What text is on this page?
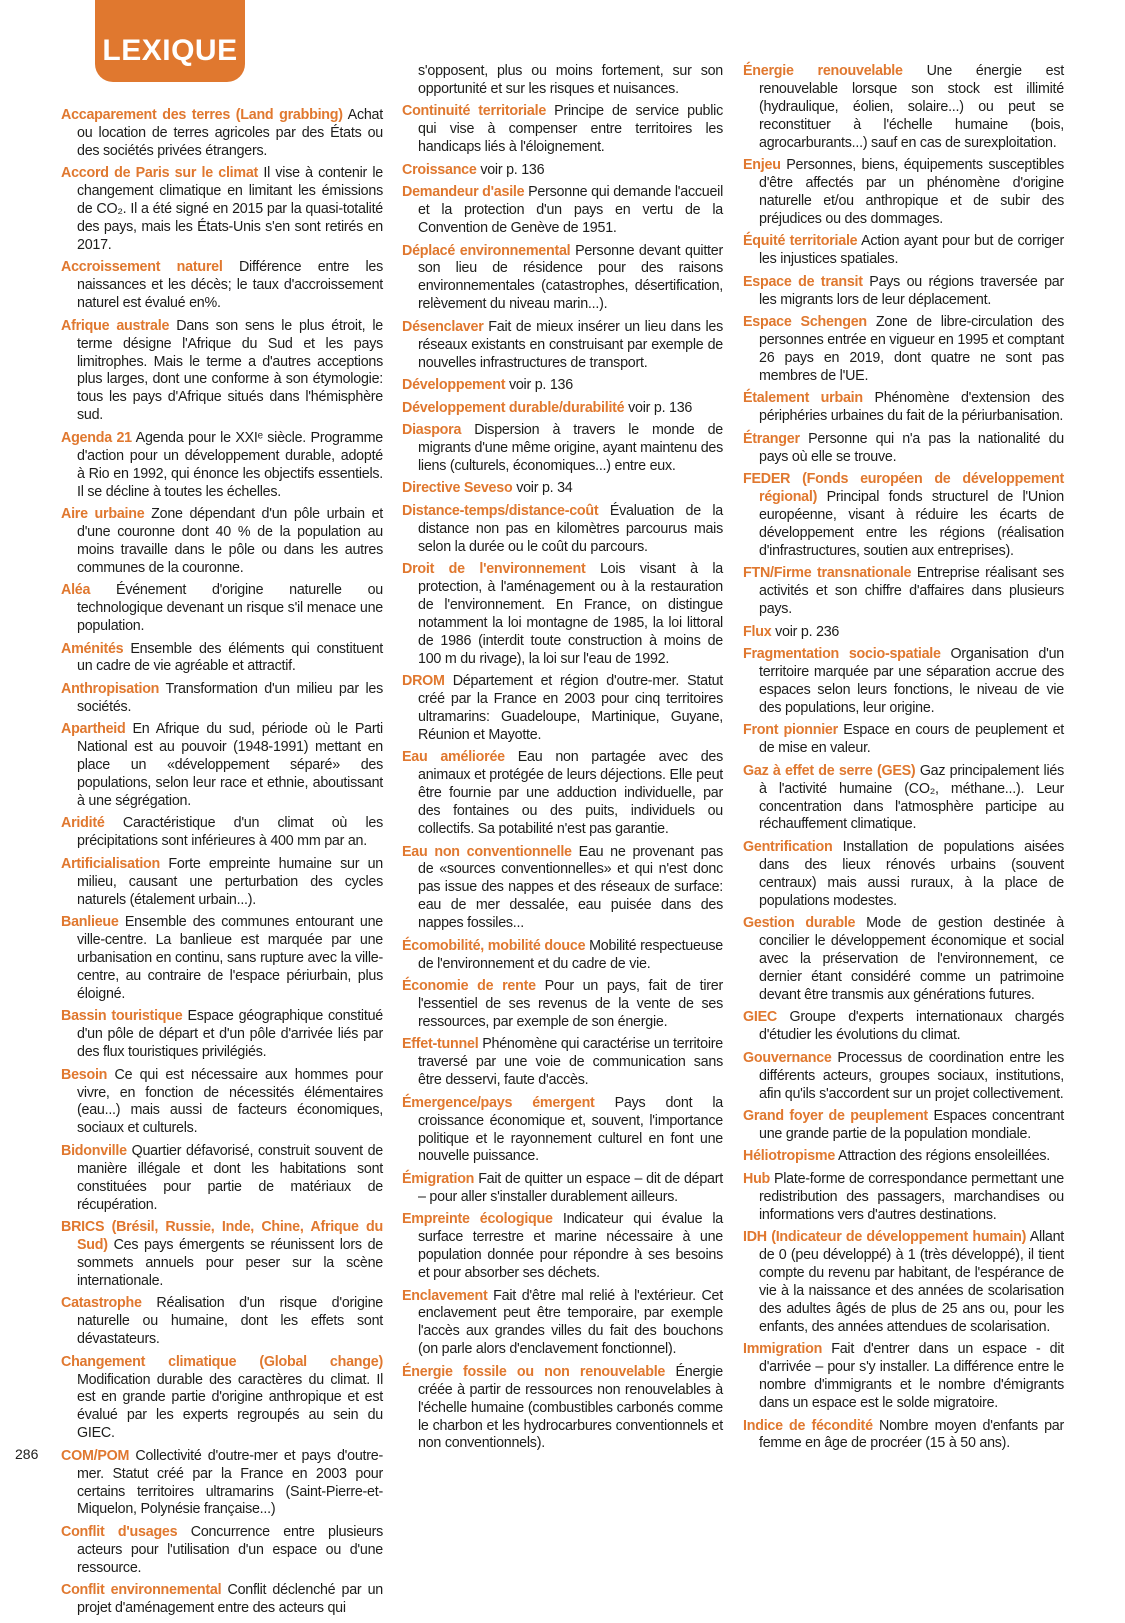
LEXIQUE

Accaparement des terres (Land grabbing) Achat ou location de terres agricoles par des États ou des sociétés privées étrangers.

Accord de Paris sur le climat Il vise à contenir le changement climatique en limitant les émissions de CO₂. Il a été signé en 2015 par la quasi-totalité des pays, mais les États-Unis s'en sont retirés en 2017.

Accroissement naturel Différence entre les naissances et les décès; le taux d'accroissement naturel est évalué en%.

Afrique australe Dans son sens le plus étroit, le terme désigne l'Afrique du Sud et les pays limitrophes. Mais le terme a d'autres acceptions plus larges, dont une conforme à son étymologie: tous les pays d'Afrique situés dans l'hémisphère sud.

Agenda 21 Agenda pour le XXIᵉ siècle. Programme d'action pour un développement durable, adopté à Rio en 1992, qui énonce les objectifs essentiels. Il se décline à toutes les échelles.

Aire urbaine Zone dépendant d'un pôle urbain et d'une couronne dont 40 % de la population au moins travaille dans le pôle ou dans les autres communes de la couronne.

Aléa Événement d'origine naturelle ou technologique devenant un risque s'il menace une population.

Aménités Ensemble des éléments qui constituent un cadre de vie agréable et attractif.

Anthropisation Transformation d'un milieu par les sociétés.

Apartheid En Afrique du sud, période où le Parti National est au pouvoir (1948-1991) mettant en place un «développement séparé» des populations, selon leur race et ethnie, aboutissant à une ségrégation.

Aridité Caractéristique d'un climat où les précipitations sont inférieures à 400 mm par an.

Artificialisation Forte empreinte humaine sur un milieu, causant une perturbation des cycles naturels (étalement urbain...).

Banlieue Ensemble des communes entourant une ville-centre. La banlieue est marquée par une urbanisation en continu, sans rupture avec la ville-centre, au contraire de l'espace périurbain, plus éloigné.

Bassin touristique Espace géographique constitué d'un pôle de départ et d'un pôle d'arrivée liés par des flux touristiques privilégiés.

Besoin Ce qui est nécessaire aux hommes pour vivre, en fonction de nécessités élémentaires (eau...) mais aussi de facteurs économiques, sociaux et culturels.

Bidonville Quartier défavorisé, construit souvent de manière illégale et dont les habitations sont constituées pour partie de matériaux de récupération.

BRICS (Brésil, Russie, Inde, Chine, Afrique du Sud) Ces pays émergents se réunissent lors de sommets annuels pour peser sur la scène internationale.

Catastrophe Réalisation d'un risque d'origine naturelle ou humaine, dont les effets sont dévastateurs.

Changement climatique (Global change) Modification durable des caractères du climat. Il est en grande partie d'origine anthropique et est évalué par les experts regroupés au sein du GIEC.

COM/POM Collectivité d'outre-mer et pays d'outre-mer. Statut créé par la France en 2003 pour certains territoires ultramarins (Saint-Pierre-et-Miquelon, Polynésie française...)

Conflit d'usages Concurrence entre plusieurs acteurs pour l'utilisation d'un espace ou d'une ressource.

Conflit environnemental Conflit déclenché par un projet d'aménagement entre des acteurs qui

s'opposent, plus ou moins fortement, sur son opportunité et sur les risques et nuisances.

Continuité territoriale Principe de service public qui vise à compenser entre territoires les handicaps liés à l'éloignement.

Croissance voir p. 136

Demandeur d'asile Personne qui demande l'accueil et la protection d'un pays en vertu de la Convention de Genève de 1951.

Déplacé environnemental Personne devant quitter son lieu de résidence pour des raisons environnementales (catastrophes, désertification, relèvement du niveau marin...).

Désenclaver Fait de mieux insérer un lieu dans les réseaux existants en construisant par exemple de nouvelles infrastructures de transport.

Développement voir p. 136

Développement durable/durabilité voir p. 136

Diaspora Dispersion à travers le monde de migrants d'une même origine, ayant maintenu des liens (culturels, économiques...) entre eux.

Directive Seveso voir p. 34

Distance-temps/distance-coût Évaluation de la distance non pas en kilomètres parcourus mais selon la durée ou le coût du parcours.

Droit de l'environnement Lois visant à la protection, à l'aménagement ou à la restauration de l'environnement. En France, on distingue notamment la loi montagne de 1985, la loi littoral de 1986 (interdit toute construction à moins de 100 m du rivage), la loi sur l'eau de 1992.

DROM Département et région d'outre-mer. Statut créé par la France en 2003 pour cinq territoires ultramarins: Guadeloupe, Martinique, Guyane, Réunion et Mayotte.

Eau améliorée Eau non partagée avec des animaux et protégée de leurs déjections. Elle peut être fournie par une adduction individuelle, par des fontaines ou des puits, individuels ou collectifs. Sa potabilité n'est pas garantie.

Eau non conventionnelle Eau ne provenant pas de «sources conventionnelles» et qui n'est donc pas issue des nappes et des réseaux de surface: eau de mer dessalée, eau puisée dans des nappes fossiles...

Écomobilité, mobilité douce Mobilité respectueuse de l'environnement et du cadre de vie.

Économie de rente Pour un pays, fait de tirer l'essentiel de ses revenus de la vente de ses ressources, par exemple de son énergie.

Effet-tunnel Phénomène qui caractérise un territoire traversé par une voie de communication sans être desservi, faute d'accès.

Émergence/pays émergent Pays dont la croissance économique et, souvent, l'importance politique et le rayonnement culturel en font une nouvelle puissance.

Émigration Fait de quitter un espace – dit de départ – pour aller s'installer durablement ailleurs.

Empreinte écologique Indicateur qui évalue la surface terrestre et marine nécessaire à une population donnée pour répondre à ses besoins et pour absorber ses déchets.

Enclavement Fait d'être mal relié à l'extérieur. Cet enclavement peut être temporaire, par exemple l'accès aux grandes villes du fait des bouchons (on parle alors d'enclavement fonctionnel).

Énergie fossile ou non renouvelable Énergie créée à partir de ressources non renouvelables à l'échelle humaine (combustibles carbonés comme le charbon et les hydrocarbures conventionnels et non conventionnels).

Énergie renouvelable Une énergie est renouvelable lorsque son stock est illimité (hydraulique, éolien, solaire...) ou peut se reconstituer à l'échelle humaine (bois, agrocarburants...) sauf en cas de surexploitation.

Enjeu Personnes, biens, équipements susceptibles d'être affectés par un phénomène d'origine naturelle et/ou anthropique et de subir des préjudices ou des dommages.

Équité territoriale Action ayant pour but de corriger les injustices spatiales.

Espace de transit Pays ou régions traversée par les migrants lors de leur déplacement.

Espace Schengen Zone de libre-circulation des personnes entrée en vigueur en 1995 et comptant 26 pays en 2019, dont quatre ne sont pas membres de l'UE.

Étalement urbain Phénomène d'extension des périphéries urbaines du fait de la périurbanisation.

Étranger Personne qui n'a pas la nationalité du pays où elle se trouve.

FEDER (Fonds européen de développement régional) Principal fonds structurel de l'Union européenne, visant à réduire les écarts de développement entre les régions (réalisation d'infrastructures, soutien aux entreprises).

FTN/Firme transnationale Entreprise réalisant ses activités et son chiffre d'affaires dans plusieurs pays.

Flux voir p. 236

Fragmentation socio-spatiale Organisation d'un territoire marquée par une séparation accrue des espaces selon leurs fonctions, le niveau de vie des populations, leur origine.

Front pionnier Espace en cours de peuplement et de mise en valeur.

Gaz à effet de serre (GES) Gaz principalement liés à l'activité humaine (CO₂, méthane...). Leur concentration dans l'atmosphère participe au réchauffement climatique.

Gentrification Installation de populations aisées dans des lieux rénovés urbains (souvent centraux) mais aussi ruraux, à la place de populations modestes.

Gestion durable Mode de gestion destinée à concilier le développement économique et social avec la préservation de l'environnement, ce dernier étant considéré comme un patrimoine devant être transmis aux générations futures.

GIEC Groupe d'experts internationaux chargés d'étudier les évolutions du climat.

Gouvernance Processus de coordination entre les différents acteurs, groupes sociaux, institutions, afin qu'ils s'accordent sur un projet collectivement.

Grand foyer de peuplement Espaces concentrant une grande partie de la population mondiale.

Héliotropisme Attraction des régions ensoleillées.

Hub Plate-forme de correspondance permettant une redistribution des passagers, marchandises ou informations vers d'autres destinations.

IDH (Indicateur de développement humain) Allant de 0 (peu développé) à 1 (très développé), il tient compte du revenu par habitant, de l'espérance de vie à la naissance et des années de scolarisation des adultes âgés de plus de 25 ans ou, pour les enfants, des années attendues de scolarisation.

Immigration Fait d'entrer dans un espace - dit d'arrivée – pour s'y installer. La différence entre le nombre d'immigrants et le nombre d'émigrants dans un espace est le solde migratoire.

Indice de fécondité Nombre moyen d'enfants par femme en âge de procréer (15 à 50 ans).

286
